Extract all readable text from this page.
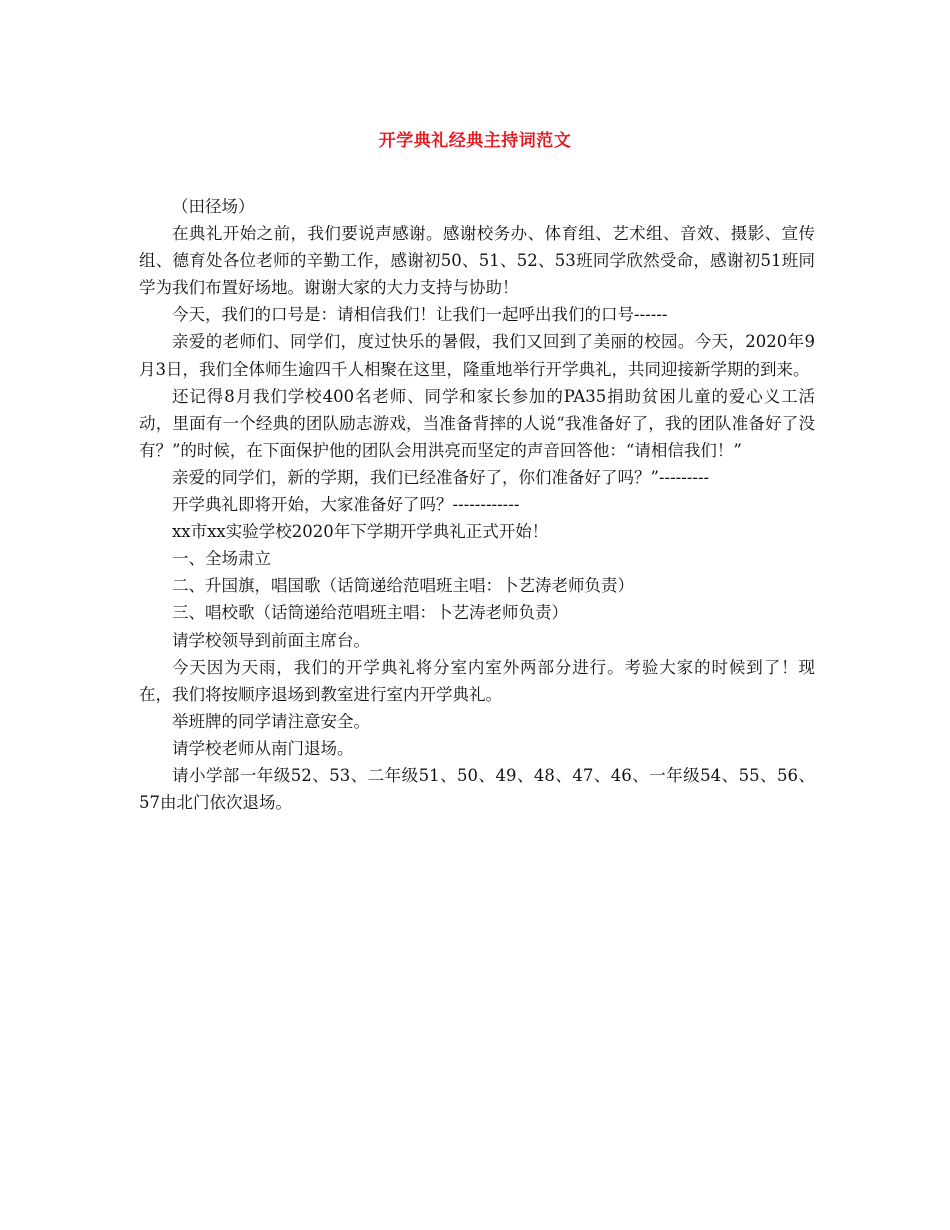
开学典礼经典主持词范文

（田径场）

在典礼开始之前，我们要说声感谢。感谢校务办、体育组、艺术组、音效、摄影、宣传组、德育处各位老师的辛勤工作，感谢初50、51、52、53班同学欣然受命，感谢初51班同学为我们布置好场地。谢谢大家的大力支持与协助！

今天，我们的口号是：请相信我们！让我们一起呼出我们的口号------

亲爱的老师们、同学们，度过快乐的暑假，我们又回到了美丽的校园。今天，2020年9月3日，我们全体师生逾四千人相聚在这里，隆重地举行开学典礼，共同迎接新学期的到来。

还记得8月我们学校400名老师、同学和家长参加的PA35捐助贫困儿童的爱心义工活动，里面有一个经典的团队励志游戏，当准备背摔的人说“我准备好了，我的团队准备好了没有？”的时候，在下面保护他的团队会用洪亮而坚定的声音回答他：“请相信我们！”

亲爱的同学们，新的学期，我们已经准备好了，你们准备好了吗？”---------

开学典礼即将开始，大家准备好了吗？------------

xx市xx实验学校2020年下学期开学典礼正式开始！

一、全场肃立

二、升国旗，唱国歌（话筒递给范唱班主唱：卜艺涛老师负责）

三、唱校歌（话筒递给范唱班主唱：卜艺涛老师负责）

请学校领导到前面主席台。

今天因为天雨，我们的开学典礼将分室内室外两部分进行。考验大家的时候到了！现在，我们将按顺序退场到教室进行室内开学典礼。

举班牌的同学请注意安全。

请学校老师从南门退场。

请小学部一年级52、53、二年级51、50、49、48、47、46、一年级54、55、56、57由北门依次退场。
